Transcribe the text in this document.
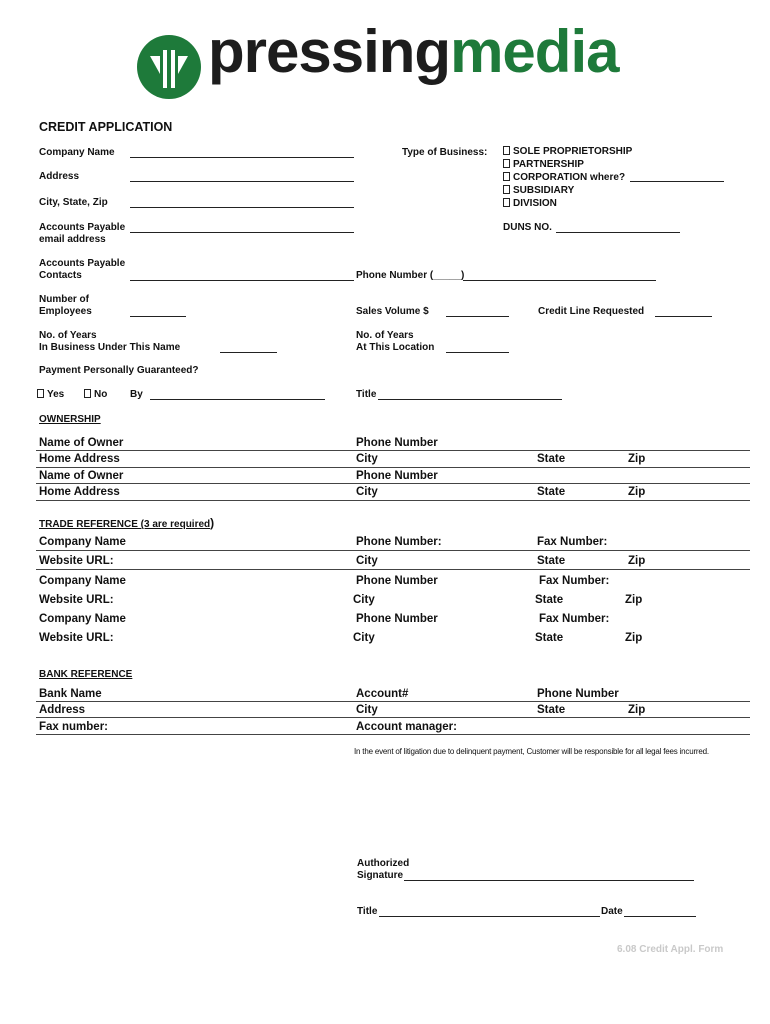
pressingmedia
CREDIT APPLICATION
Company Name
Address
City, State, Zip
Accounts Payable
email address
Type of Business:	SOLE PROPRIETORSHIP
PARTNERSHIP
CORPORATION where?
SUBSIDIARY
DIVISION
DUNS NO.
Accounts Payable
Contacts	Phone Number (_____)
Number of
Employees	Sales Volume $	Credit Line Requested
No. of Years
In Business Under This Name
No. of Years
At This Location
Payment Personally Guaranteed?
Yes	No By	Title
OWNERSHIP
Name of Owner	Phone Number
Home Address	City	State	Zip
Name of Owner	Phone Number
Home Address	City	State	Zip
TRADE REFERENCE (3 are required)
Company Name	Phone Number:	Fax Number:
Website URL:	City	State	Zip
Company Name	Phone Number	Fax Number:
Website URL:	City	State	Zip
Company Name	Phone Number	Fax Number:
Website URL:	City	State	Zip
BANK REFERENCE
Bank Name	Account#	Phone Number
Address	City	State	Zip
Fax number:	Account manager:
In the event of litigation due to delinquent payment, Customer will be responsible for all legal fees incurred.
Authorized
Signature
Title	Date
6.08 Credit Appl. Form
